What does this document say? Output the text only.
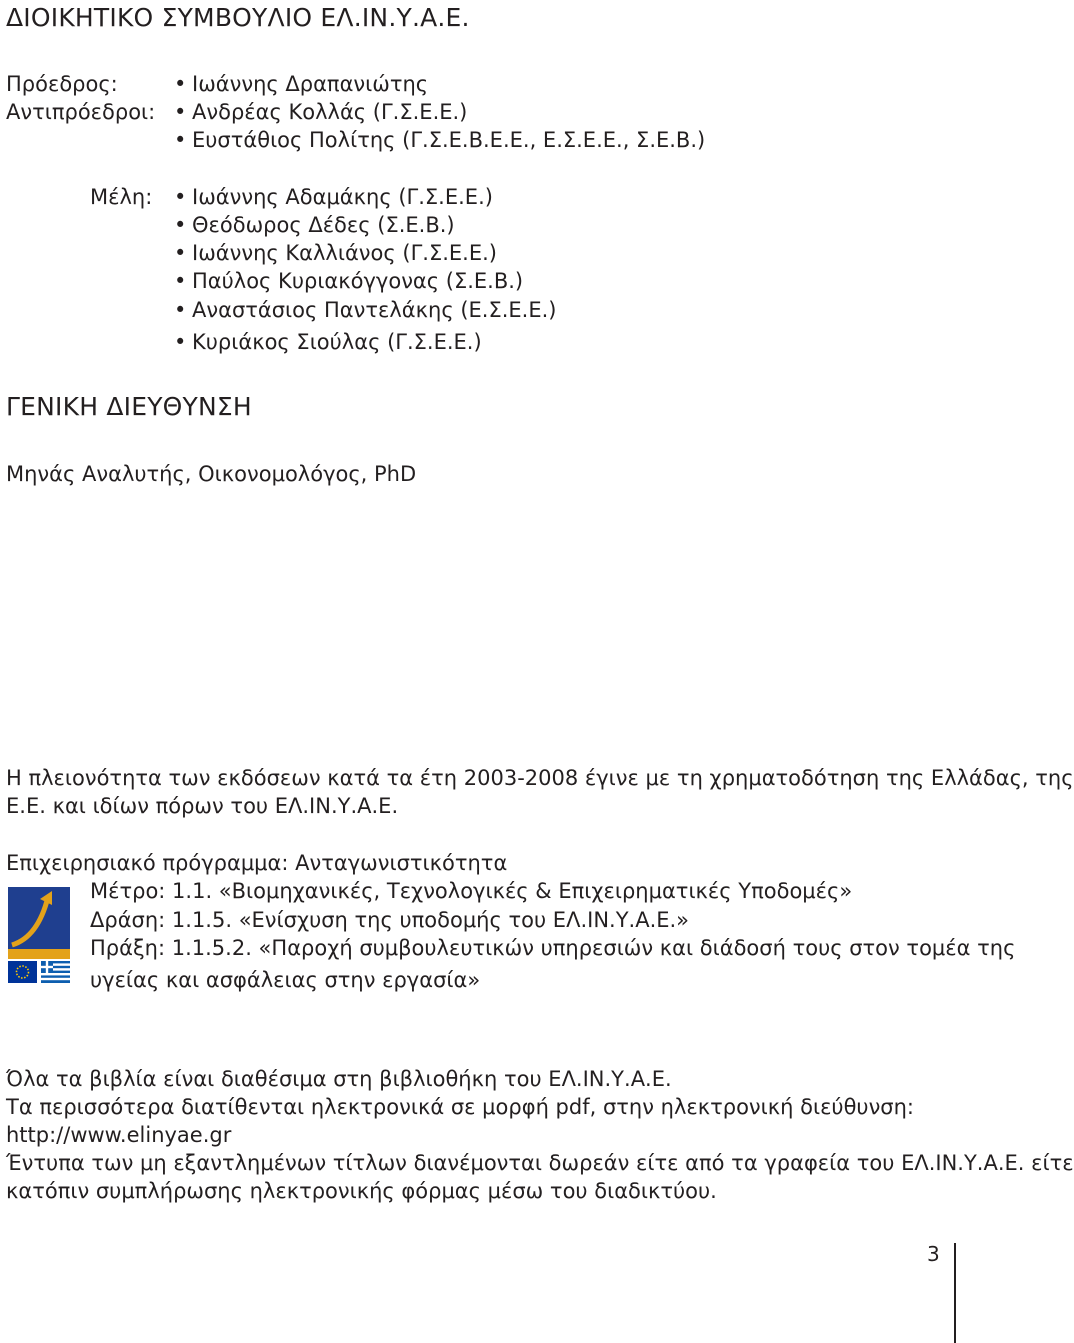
ΔΙΟΙΚΗΤΙΚΟ ΣΥΜΒΟΥΛΙΟ ΕΛ.ΙΝ.Υ.Α.Ε.
Πρόεδρος:	• Ιωάννης Δραπανιώτης
Αντιπρόεδροι:	• Ανδρέας Κολλάς (Γ.Σ.Ε.Ε.)
• Ευστάθιος Πολίτης (Γ.Σ.Ε.Β.Ε.Ε., Ε.Σ.Ε.Ε., Σ.Ε.Β.)
Μέλη:	• Ιωάννης Αδαμάκης (Γ.Σ.Ε.Ε.)
• Θεόδωρος Δέδες (Σ.Ε.Β.)
• Ιωάννης Καλλιάνος (Γ.Σ.Ε.Ε.)
• Παύλος Κυριακόγγονας (Σ.Ε.Β.)
• Αναστάσιος Παντελάκης (Ε.Σ.Ε.Ε.)
• Κυριάκος Σιούλας (Γ.Σ.Ε.Ε.)
ΓΕΝΙΚΗ ΔΙΕΥΘΥΝΣΗ
Μηνάς Αναλυτής, Οικονομολόγος, PhD
Η πλειονότητα των εκδόσεων κατά τα έτη 2003-2008 έγινε με τη χρηματοδότηση της Ελλάδας, της
Ε.Ε. και ιδίων πόρων του ΕΛ.ΙΝ.Υ.Α.Ε.
Επιχειρησιακό πρόγραμμα: Ανταγωνιστικότητα
Μέτρο: 1.1. «Βιομηχανικές, Τεχνολογικές & Επιχειρηματικές Υποδομές»
Δράση: 1.1.5. «Ενίσχυση της υποδομής του ΕΛ.ΙΝ.Υ.Α.Ε.»
Πράξη: 1.1.5.2. «Παροχή συμβουλευτικών υπηρεσιών και διάδοσή τους στον τομέα της
υγείας και ασφάλειας στην εργασία»
Όλα τα βιβλία είναι διαθέσιμα στη βιβλιοθήκη του ΕΛ.ΙΝ.Υ.Α.Ε.
Τα περισσότερα διατίθενται ηλεκτρονικά σε μορφή pdf, στην ηλεκτρονική διεύθυνση:
http://www.elinyae.gr
Έντυπα των μη εξαντλημένων τίτλων διανέμονται δωρεάν είτε από τα γραφεία του ΕΛ.ΙΝ.Υ.Α.Ε. είτε
κατόπιν συμπλήρωσης ηλεκτρονικής φόρμας μέσω του διαδικτύου.
3
